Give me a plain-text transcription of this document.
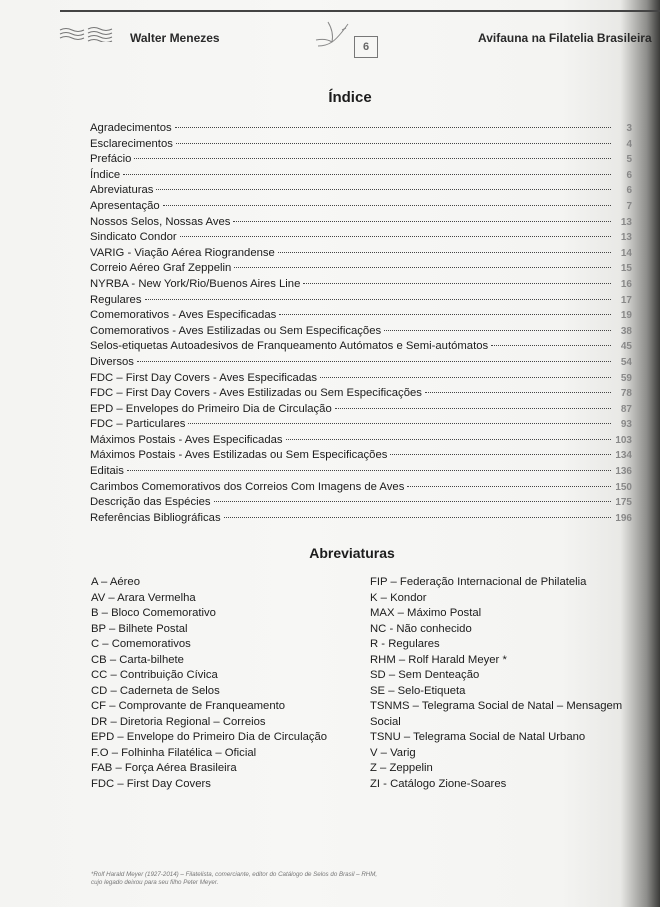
Walter Menezes
6
Avifauna na Filatelia Brasileira
Índice
Agradecimentos	3
Esclarecimentos	4
Prefácio	5
Índice	6
Abreviaturas	6
Apresentação	7
Nossos Selos, Nossas Aves	13
Sindicato Condor	13
VARIG - Viação Aérea Riograndense	14
Correio Aéreo Graf Zeppelin	15
NYRBA - New York/Rio/Buenos Aires Line	16
Regulares	17
Comemorativos - Aves Especificadas	19
Comemorativos - Aves Estilizadas ou Sem Especificações	38
Selos-etiquetas Autoadesivos de Franqueamento Autómatos e Semi-autómatos	45
Diversos	54
FDC – First Day Covers - Aves Especificadas	59
FDC – First Day Covers - Aves Estilizadas ou Sem Especificações	78
EPD – Envelopes do Primeiro Dia de Circulação	87
FDC – Particulares	93
Máximos Postais - Aves Especificadas	103
Máximos Postais - Aves Estilizadas ou Sem Especificações	134
Editais	136
Carimbos Comemorativos dos Correios Com Imagens de Aves	150
Descrição das Espécies	175
Referências Bibliográficas	196
Abreviaturas
A – Aéreo
AV – Arara Vermelha
B – Bloco Comemorativo
BP – Bilhete Postal
C – Comemorativos
CB – Carta-bilhete
CC – Contribuição Cívica
CD – Caderneta de Selos
CF – Comprovante de Franqueamento
DR – Diretoria Regional – Correios
EPD – Envelope do Primeiro Dia de Circulação
F.O – Folhinha Filatélica – Oficial
FAB – Força Aérea Brasileira
FDC – First Day Covers
FIP – Federação Internacional de Philatelia
K – Kondor
MAX – Máximo Postal
NC - Não conhecido
R - Regulares
RHM – Rolf Harald Meyer *
SD – Sem Denteação
SE – Selo-Etiqueta
TSNMS – Telegrama Social de Natal – Mensagem
Social
TSNU – Telegrama Social de Natal Urbano
V – Varig
Z – Zeppelin
ZI - Catálogo Zione-Soares
*Rolf Harald Meyer (1927-2014) – Filatelista, comerciante, editor do Catálogo de Selos do Brasil – RHM,
cujo legado deixou para seu filho Peter Meyer.
